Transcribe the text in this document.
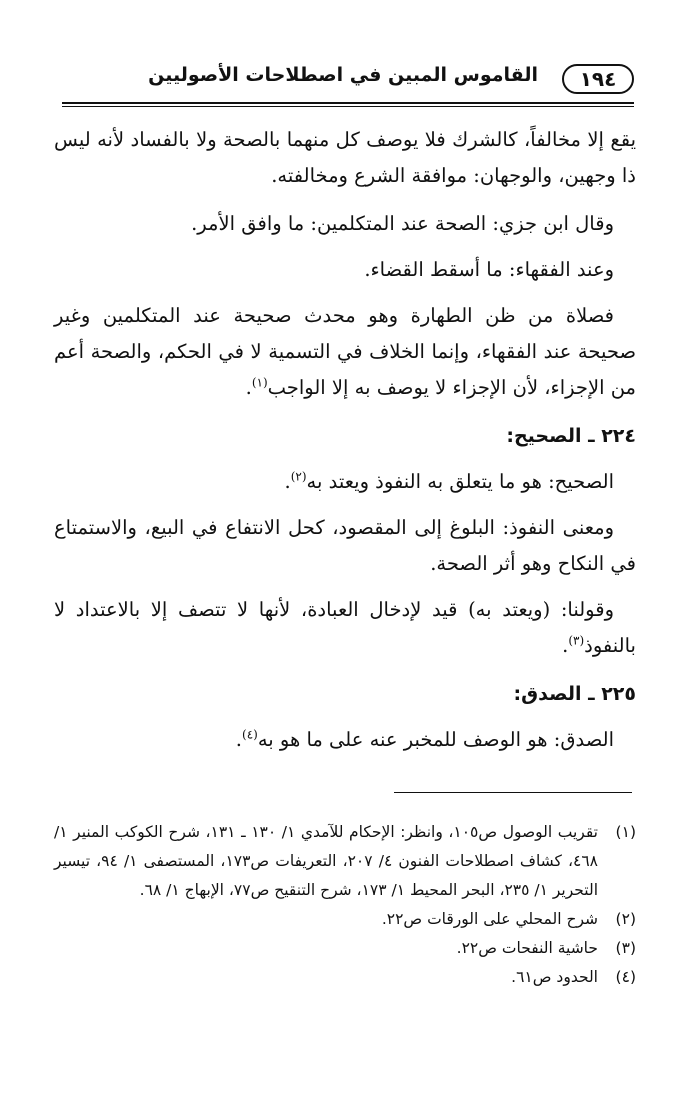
١٩٤
القاموس المبين في اصطلاحات الأصوليين

يقع إلا مخالفاً، كالشرك فلا يوصف كل منهما بالصحة ولا بالفساد لأنه ليس ذا وجهين، والوجهان: موافقة الشرع ومخالفته.

وقال ابن جزي: الصحة عند المتكلمين: ما وافق الأمر.

وعند الفقهاء: ما أسقط القضاء.

فصلاة من ظن الطهارة وهو محدث صحيحة عند المتكلمين وغير صحيحة عند الفقهاء، وإنما الخلاف في التسمية لا في الحكم، والصحة أعم من الإجزاء، لأن الإجزاء لا يوصف به إلا الواجب$^{(١)}$.

٢٢٤ ـ الصحيح:

الصحيح: هو ما يتعلق به النفوذ ويعتد به$^{(٢)}$.

ومعنى النفوذ: البلوغ إلى المقصود، كحل الانتفاع في البيع، والاستمتاع في النكاح وهو أثر الصحة.

وقولنا: (ويعتد به) قيد لإدخال العبادة، لأنها لا تتصف إلا بالاعتداد لا بالنفوذ$^{(٣)}$.

٢٢٥ ـ الصدق:

الصدق: هو الوصف للمخبر عنه على ما هو به$^{(٤)}$.

(١)
تقريب الوصول ص١٠٥، وانظر: الإحكام للآمدي ١/ ١٣٠ ـ ١٣١، شرح الكوكب المنير ١/ ٤٦٨، كشاف اصطلاحات الفنون ٤/ ٢٠٧، التعريفات ص١٧٣، المستصفى ١/ ٩٤، تيسير التحرير ١/ ٢٣٥، البحر المحيط ١/ ١٧٣، شرح التنقيح ص٧٧، الإبهاج ١/ ٦٨.
(٢)
شرح المحلي على الورقات ص٢٢.
(٣)
حاشية النفحات ص٢٢.
(٤)
الحدود ص٦١.
